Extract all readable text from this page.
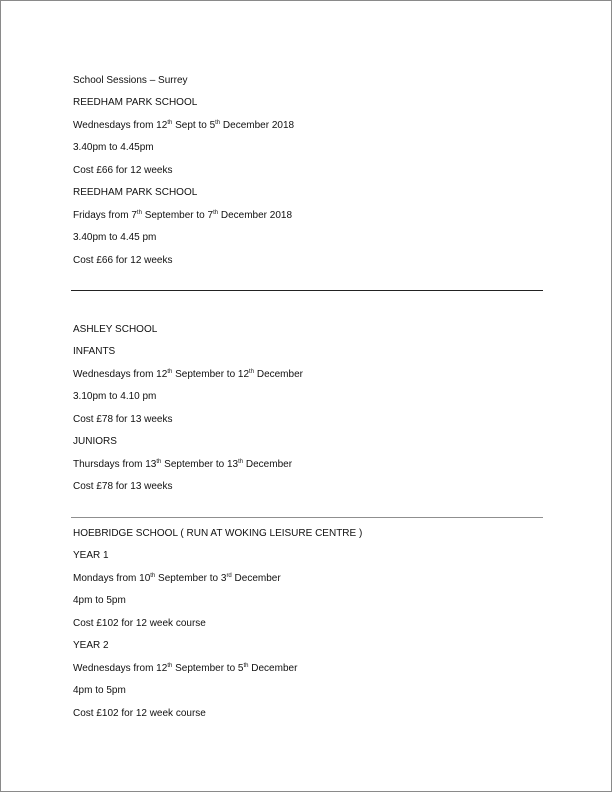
School Sessions – Surrey

REEDHAM PARK SCHOOL

Wednesdays from 12th Sept to 5th December 2018

3.40pm to 4.45pm

Cost £66 for 12 weeks

REEDHAM PARK SCHOOL

Fridays from 7th September to 7th December 2018

3.40pm to 4.45 pm

Cost £66 for 12 weeks

ASHLEY SCHOOL

INFANTS

Wednesdays from 12th September to 12th December

3.10pm to 4.10 pm

Cost £78 for 13 weeks

JUNIORS

Thursdays from 13th September to 13th December

Cost £78 for 13 weeks

HOEBRIDGE SCHOOL ( RUN AT WOKING LEISURE CENTRE )

YEAR 1

Mondays from 10th September to 3rd December

4pm to 5pm

Cost £102 for 12 week course

YEAR 2

Wednesdays from 12th September to 5th December

4pm to 5pm

Cost £102 for 12 week course
